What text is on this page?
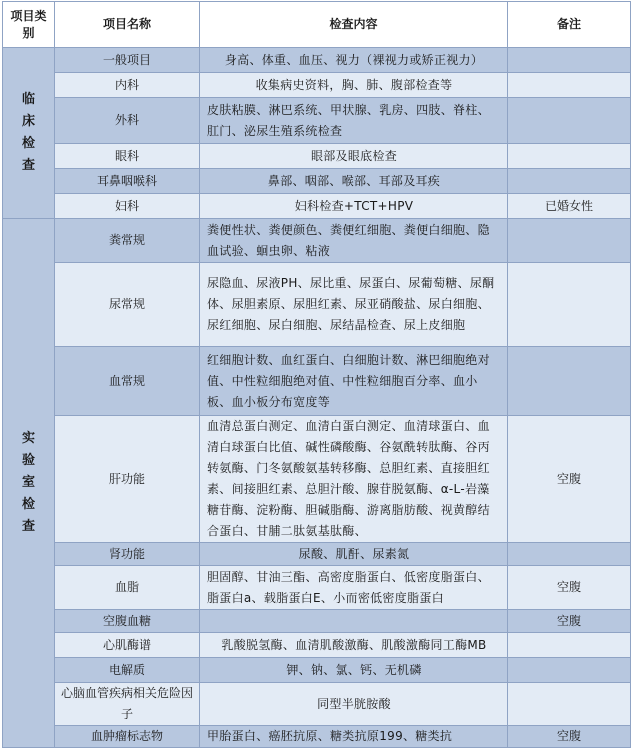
项目类别	项目名称	检查内容	备注

临
床
检
查	一般项目	身高、体重、血压、视力（裸视力或矫正视力）	
	内科	收集病史资料，胸、肺、腹部检查等	
	外科	皮肤粘膜、淋巴系统、甲状腺、乳房、四肢、脊柱、肛门、泌尿生殖系统检查	
	眼科	眼部及眼底检查	
	耳鼻咽喉科	鼻部、咽部、喉部、耳部及耳疾	
	妇科	妇科检查+TCT+HPV	已婚女性

实
验
室
检
查	粪常规	粪便性状、粪便颜色、粪便红细胞、粪便白细胞、隐血试验、蛔虫卵、粘液	
	尿常规	尿隐血、尿液PH、尿比重、尿蛋白、尿葡萄糖、尿酮体、尿胆素原、尿胆红素、尿亚硝酸盐、尿白细胞、尿红细胞、尿白细胞、尿结晶检查、尿上皮细胞	
	血常规	红细胞计数、血红蛋白、白细胞计数、淋巴细胞绝对值、中性粒细胞绝对值、中性粒细胞百分率、血小板、血小板分布宽度等	
	肝功能	血清总蛋白测定、血清白蛋白测定、血清球蛋白、血清白球蛋白比值、碱性磷酸酶、谷氨酰转肽酶、谷丙转氨酶、门冬氨酸氨基转移酶、总胆红素、直接胆红素、间接胆红素、总胆汁酸、腺苷脱氨酶、α-L-岩藻糖苷酶、淀粉酶、胆碱脂酶、游离脂肪酸、视黄醇结合蛋白、甘脯二肽氨基肽酶、	空腹
	肾功能	尿酸、肌酐、尿素氮	
	血脂	胆固醇、甘油三酯、高密度脂蛋白、低密度脂蛋白、脂蛋白a、载脂蛋白E、小而密低密度脂蛋白	空腹
	空腹血糖		空腹
	心肌酶谱	乳酸脱氢酶、血清肌酸激酶、肌酸激酶同工酶MB	
	电解质	钾、钠、氯、钙、无机磷	
	心脑血管疾病相关危险因子	同型半胱胺酸	
	血肿瘤标志物	甲胎蛋白、癌胚抗原、糖类抗原199、糖类抗	空腹
